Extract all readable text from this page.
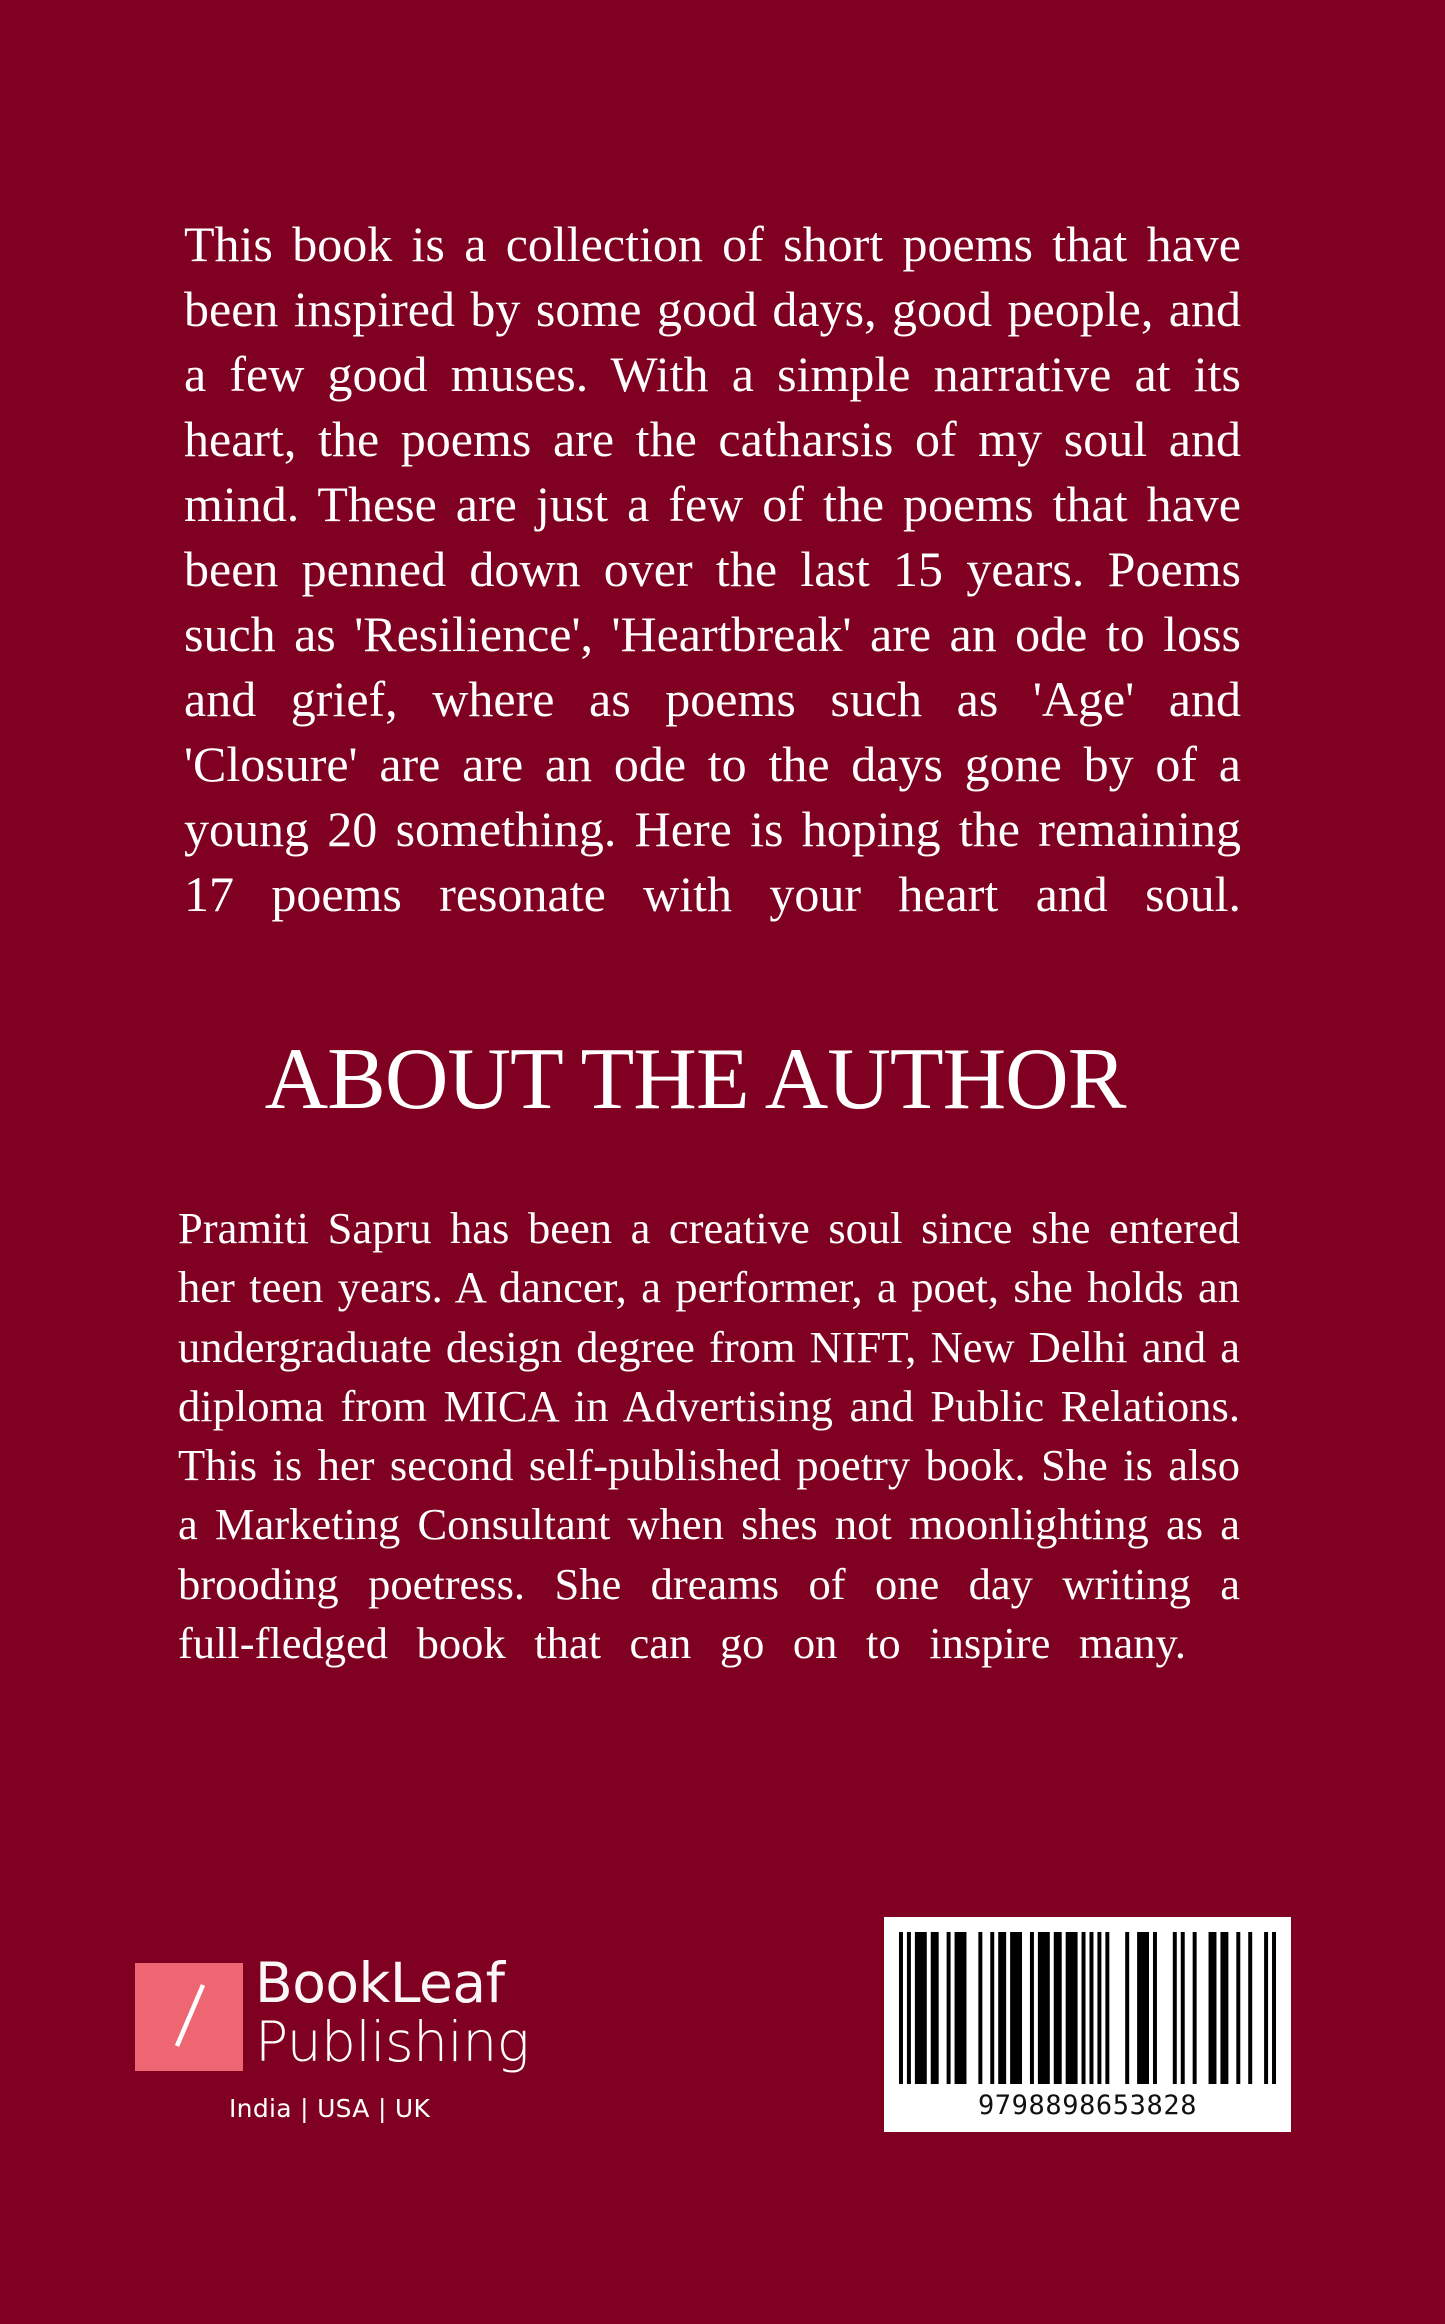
This book is a collection of short poems that have
been inspired by some good days, good people, and
a few good muses. With a simple narrative at its
heart, the poems are the catharsis of my soul and
mind. These are just a few of the poems that have
been penned down over the last 15 years. Poems
such as 'Resilience', 'Heartbreak' are an ode to loss
and grief, where as poems such as 'Age' and
'Closure' are are an ode to the days gone by of a
young 20 something. Here is hoping the remaining
17 poems resonate with your heart and soul.
ABOUT THE AUTHOR
Pramiti Sapru has been a creative soul since she entered
her teen years. A dancer, a performer, a poet, she holds an
undergraduate design degree from NIFT, New Delhi and a
diploma from MICA in Advertising and Public Relations.
This is her second self-published poetry book. She is also
a Marketing Consultant when shes not moonlighting as a
brooding poetress. She dreams of one day writing a
full-fledged book that can go on to inspire many.
BookLeaf
Publishing
India | USA | UK	9798898653828
